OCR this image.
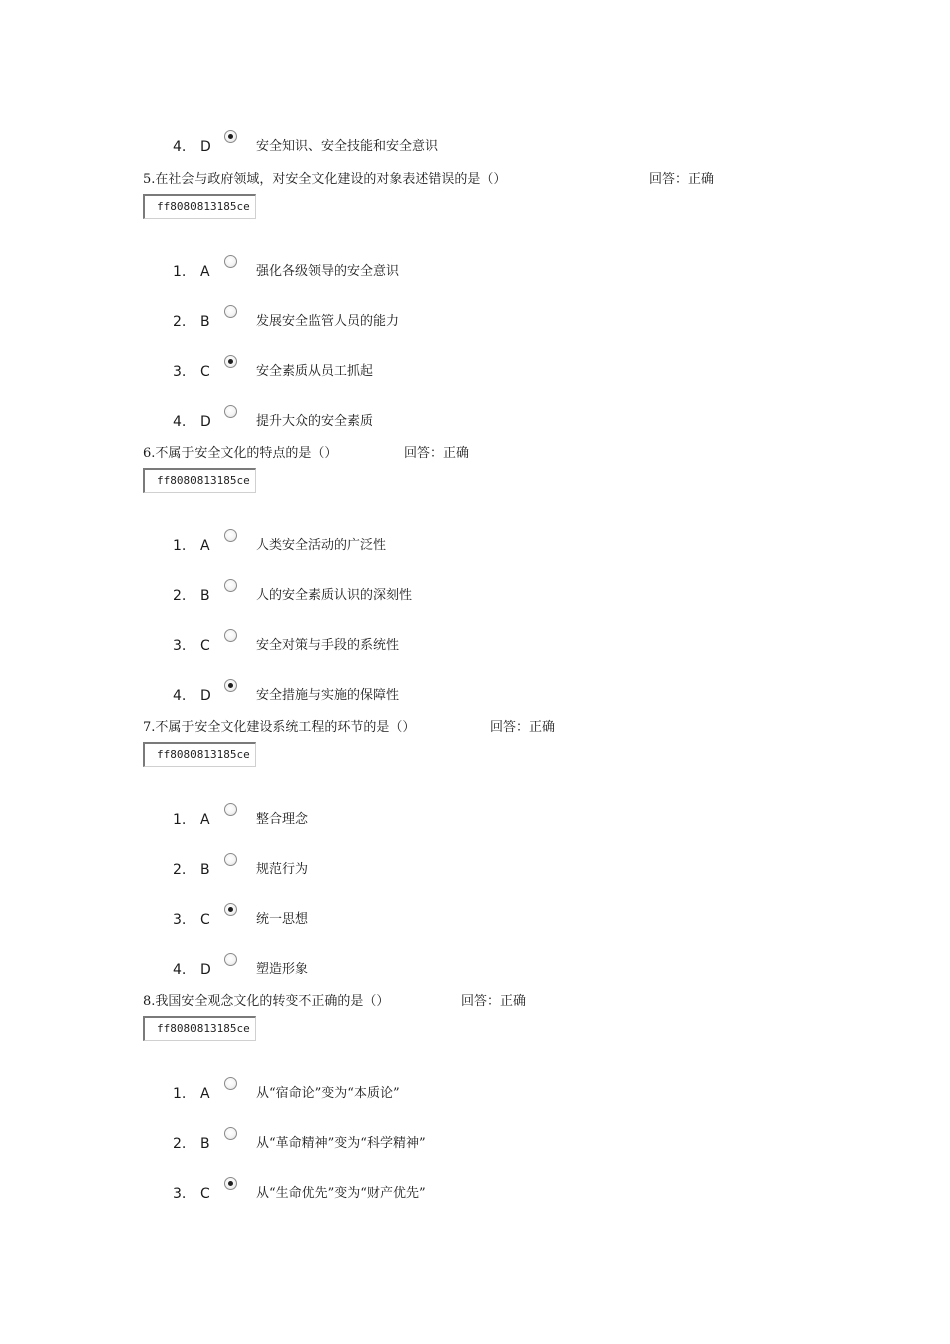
4. D	安全知识、安全技能和安全意识
5.在社会与政府领域，对安全文化建设的对象表述错误的是（）	回答：正确
ff8080813185ce
1. A	强化各级领导的安全意识
2. B	发展安全监管人员的能力
3. C	安全素质从员工抓起
4. D	提升大众的安全素质
6.不属于安全文化的特点的是（）	回答：正确
ff8080813185ce
1. A	人类安全活动的广泛性
2. B	人的安全素质认识的深刻性
3. C	安全对策与手段的系统性
4. D	安全措施与实施的保障性
7.不属于安全文化建设系统工程的环节的是（）	回答：正确
ff8080813185ce
1. A	整合理念
2. B	规范行为
3. C	统一思想
4. D	塑造形象
8.我国安全观念文化的转变不正确的是（）	回答：正确
ff8080813185ce
1. A	从“宿命论”变为“本质论”
2. B	从“革命精神”变为“科学精神”
3. C	从“生命优先”变为“财产优先”
